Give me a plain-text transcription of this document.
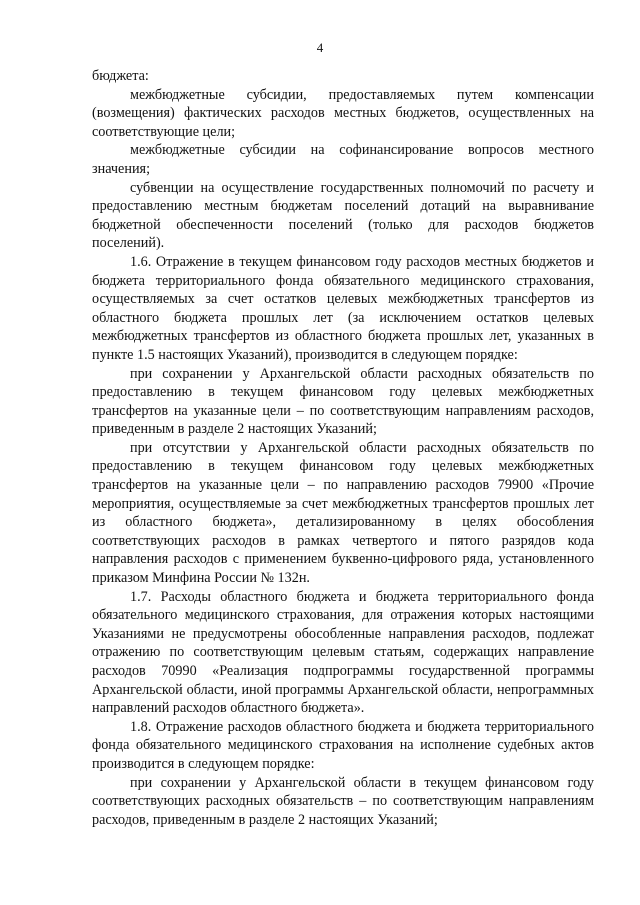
4

бюджета:

межбюджетные субсидии, предоставляемых путем компенсации (возмещения) фактических расходов местных бюджетов, осуществленных на соответствующие цели;

межбюджетные субсидии на софинансирование вопросов местного значения;

субвенции на осуществление государственных полномочий по расчету и предоставлению местным бюджетам поселений дотаций на выравнивание бюджетной обеспеченности поселений (только для расходов бюджетов поселений).

1.6. Отражение в текущем финансовом году расходов местных бюджетов и бюджета территориального фонда обязательного медицинского страхования, осуществляемых за счет остатков целевых межбюджетных трансфертов из областного бюджета прошлых лет (за исключением остатков целевых межбюджетных трансфертов из областного бюджета прошлых лет, указанных в пункте 1.5 настоящих Указаний), производится в следующем порядке:

при сохранении у Архангельской области расходных обязательств по предоставлению в текущем финансовом году целевых межбюджетных трансфертов на указанные цели – по соответствующим направлениям расходов, приведенным в разделе 2 настоящих Указаний;

при отсутствии у Архангельской области расходных обязательств по предоставлению в текущем финансовом году целевых межбюджетных трансфертов на указанные цели – по направлению расходов 79900 «Прочие мероприятия, осуществляемые за счет межбюджетных трансфертов прошлых лет из областного бюджета», детализированному в целях обособления соответствующих расходов в рамках четвертого и пятого разрядов кода направления расходов с применением буквенно-цифрового ряда, установленного приказом Минфина России № 132н.

1.7. Расходы областного бюджета и бюджета территориального фонда обязательного медицинского страхования, для отражения которых настоящими Указаниями не предусмотрены обособленные направления расходов, подлежат отражению по соответствующим целевым статьям, содержащих направление расходов 70990 «Реализация подпрограммы государственной программы Архангельской области, иной программы Архангельской области, непрограммных направлений расходов областного бюджета».

1.8. Отражение расходов областного бюджета и бюджета территориального фонда обязательного медицинского страхования на исполнение судебных актов производится в следующем порядке:

при сохранении у Архангельской области в текущем финансовом году соответствующих расходных обязательств – по соответствующим направлениям расходов, приведенным в разделе 2 настоящих Указаний;
